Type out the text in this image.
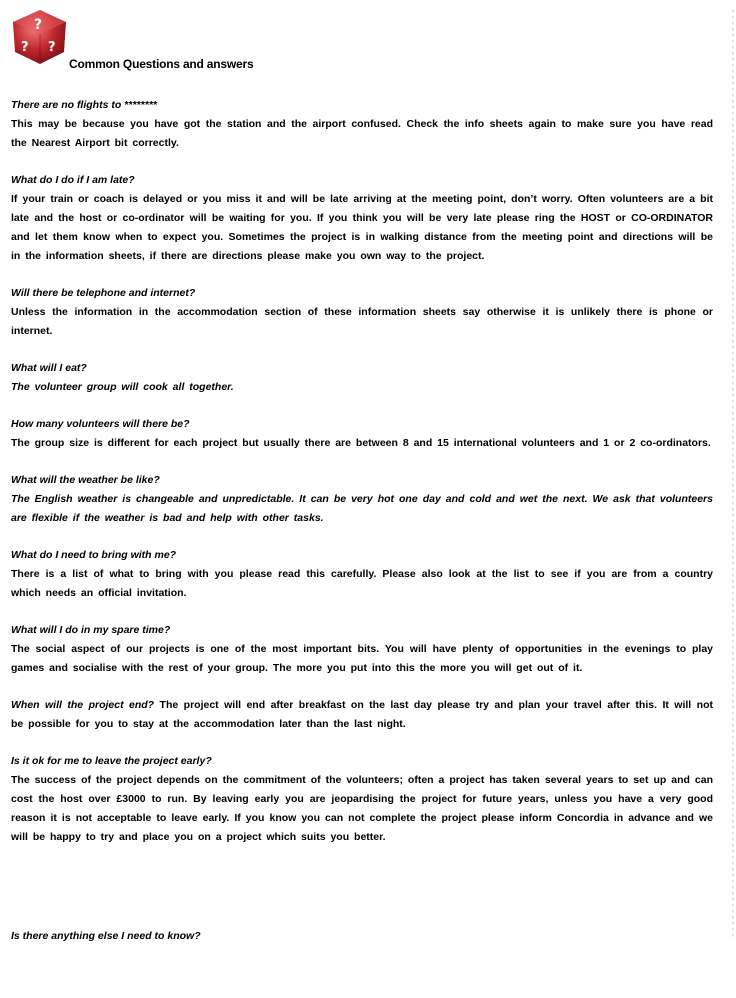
?
? ?
Common Questions and answers
There are no flights to ********
This may be because you have got the station and the airport confused. Check the info sheets again to make sure you have read the Nearest Airport bit correctly.
What do I do if I am late?
If your train or coach is delayed or you miss it and will be late arriving at the meeting point, don’t worry. Often volunteers are a bit late and the host or co-ordinator will be waiting for you. If you think you will be very late please ring the HOST or CO-ORDINATOR and let them know when to expect you. Sometimes the project is in walking distance from the meeting point and directions will be in the information sheets, if there are directions please make you own way to the project.
Will there be telephone and internet?
Unless the information in the accommodation section of these information sheets say otherwise it is unlikely there is phone or internet.
What will I eat?
The volunteer group will cook all together.
How many volunteers will there be?
The group size is different for each project but usually there are between 8 and 15 international volunteers and 1 or 2 co-ordinators.
What will the weather be like?
The English weather is changeable and unpredictable. It can be very hot one day and cold and wet the next. We ask that volunteers are flexible if the weather is bad and help with other tasks.
What do I need to bring with me?
There is a list of what to bring with you please read this carefully. Please also look at the list to see if you are from a country which needs an official invitation.
What will I do in my spare time?
The social aspect of our projects is one of the most important bits. You will have plenty of opportunities in the evenings to play games and socialise with the rest of your group. The more you put into this the more you will get out of it.
When will the project end? The project will end after breakfast on the last day please try and plan your travel after this. It will not be possible for you to stay at the accommodation later than the last night.
Is it ok for me to leave the project early?
The success of the project depends on the commitment of the volunteers; often a project has taken several years to set up and can cost the host over £3000 to run. By leaving early you are jeopardising the project for future years, unless you have a very good reason it is not acceptable to leave early. If you know you can not complete the project please inform Concordia in advance and we will be happy to try and place you on a project which suits you better.
Is there anything else I need to know?
